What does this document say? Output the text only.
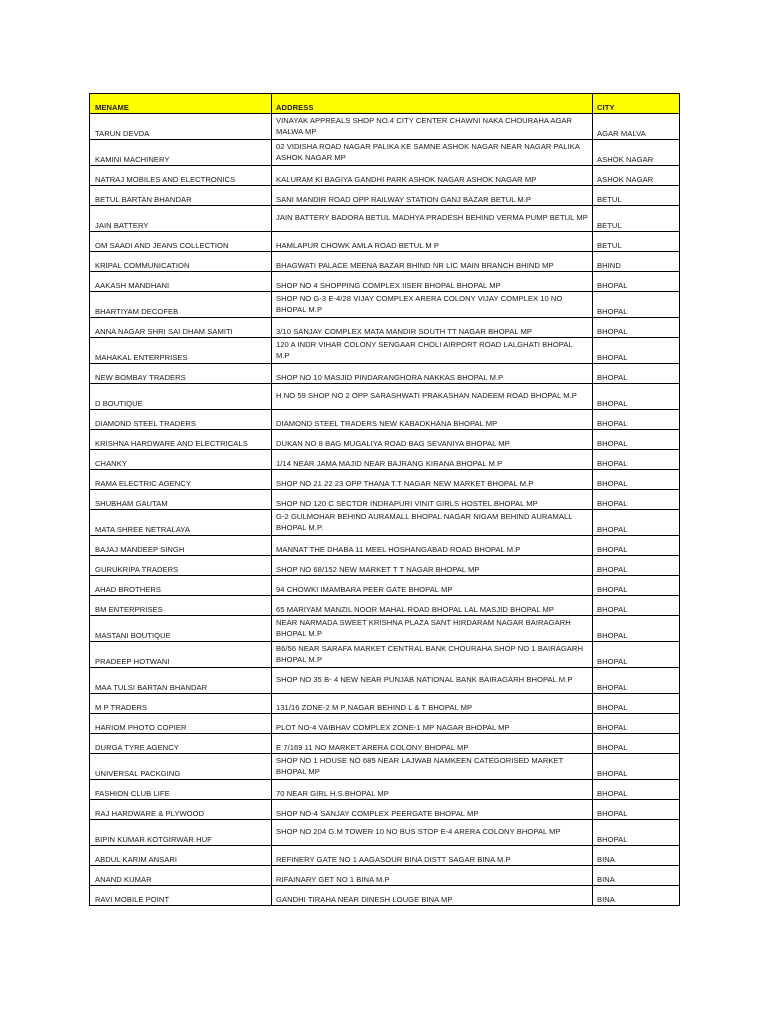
MENAME	ADDRESS	CITY
TARUN DEVDA	VINAYAK APPREALS SHOP NO.4 CITY CENTER CHAWNI NAKA CHOURAHA AGAR MALWA MP	AGAR MALVA
KAMINI MACHINERY	02 VIDISHA ROAD NAGAR PALIKA KE SAMNE ASHOK NAGAR NEAR NAGAR PALIKA ASHOK NAGAR MP	ASHOK NAGAR
NATRAJ MOBILES AND ELECTRONICS	KALURAM KI BAGIYA GANDHI PARK ASHOK NAGAR ASHOK NAGAR MP	ASHOK NAGAR
BETUL BARTAN BHANDAR	SANI MANDIR ROAD OPP RAILWAY STATION GANJ BAZAR BETUL M.P	BETUL
JAIN BATTERY	JAIN BATTERY BADORA BETUL MADHYA PRADESH BEHIND VERMA PUMP BETUL MP	BETUL
OM SAADI AND JEANS COLLECTION	HAMLAPUR CHOWK AMLA ROAD BETUL M P	BETUL
KRIPAL COMMUNICATION	BHAGWATI PALACE MEENA BAZAR BHIND NR LIC MAIN BRANCH BHIND MP	BHIND
AAKASH MANDHANI	SHOP NO 4 SHOPPING COMPLEX IISER BHOPAL BHOPAL MP	BHOPAL
BHARTIYAM DECOFEB	SHOP NO G-3 E-4/28 VIJAY COMPLEX ARERA COLONY VIJAY COMPLEX 10 NO BHOPAL M.P	BHOPAL
ANNA NAGAR SHRI SAI DHAM SAMITI	3/10 SANJAY COMPLEX MATA MANDIR SOUTH TT NAGAR BHOPAL MP	BHOPAL
MAHAKAL ENTERPRISES	120 A INDR VIHAR COLONY SENGAAR CHOLI AIRPORT ROAD LALGHATI BHOPAL M.P	BHOPAL
NEW BOMBAY TRADERS	SHOP NO 10 MASJID PINDARANGHORA NAKKAS BHOPAL M.P	BHOPAL
D BOUTIQUE	H NO 59 SHOP NO 2 OPP SARASHWATI PRAKASHAN NADEEM ROAD BHOPAL M.P	BHOPAL
DIAMOND STEEL TRADERS	DIAMOND STEEL TRADERS NEW KABADKHANA BHOPAL MP	BHOPAL
KRISHNA HARDWARE AND ELECTRICALS	DUKAN NO 8 BAG MUGALIYA ROAD BAG SEVANIYA BHOPAL MP	BHOPAL
CHANKY	1/14 NEAR JAMA MAJID NEAR BAJRANG KIRANA BHOPAL M.P	BHOPAL
RAMA ELECTRIC AGENCY	SHOP NO 21 22 23 OPP THANA T.T NAGAR NEW MARKET BHOPAL M.P	BHOPAL
SHUBHAM GAUTAM	SHOP NO 120 C SECTOR INDRAPURI VINIT GIRLS HOSTEL BHOPAL MP	BHOPAL
MATA SHREE NETRALAYA	G-2 GULMOHAR BEHIND AURAMALL BHOPAL NAGAR NIGAM BEHIND AURAMALL BHOPAL M.P.	BHOPAL
BAJAJ MANDEEP SINGH	MANNAT THE DHABA 11 MEEL HOSHANGABAD ROAD BHOPAL M.P	BHOPAL
GURUKRIPA TRADERS	SHOP NO 68/152 NEW MARKET T T NAGAR BHOPAL MP	BHOPAL
AHAD BROTHERS	94 CHOWKI IMAMBARA PEER GATE BHOPAL MP	BHOPAL
BM ENTERPRISES	65 MARIYAM MANZIL NOOR MAHAL ROAD BHOPAL LAL MASJID BHOPAL MP	BHOPAL
MASTANI BOUTIQUE	NEAR NARMADA SWEET KRISHNA PLAZA SANT HIRDARAM NAGAR BAIRAGARH BHOPAL M.P	BHOPAL
PRADEEP HOTWANI	B6/56 NEAR SARAFA MARKET CENTRAL BANK CHOURAHA SHOP NO 1 BAIRAGARH BHOPAL M.P	BHOPAL
MAA TULSI BARTAN BHANDAR	SHOP NO 35 B- 4 NEW NEAR PUNJAB NATIONAL BANK BAIRAGARH BHOPAL M.P	BHOPAL
M P TRADERS	131/16 ZONE-2 M P NAGAR BEHIND L & T BHOPAL MP	BHOPAL
HARIOM PHOTO COPIER	PLOT NO-4 VAIBHAV COMPLEX ZONE-1 MP NAGAR BHOPAL MP	BHOPAL
DURGA TYRE AGENCY	E 7/169 11 NO MARKET ARERA COLONY BHOPAL MP	BHOPAL
UNIVERSAL PACKGING	SHOP NO 1 HOUSE NO 685 NEAR LAJWAB NAMKEEN CATEGORISED MARKET BHOPAL MP	BHOPAL
FASHION CLUB LIFE	70 NEAR GIRL H.S.BHOPAL MP	BHOPAL
RAJ HARDWARE & PLYWOOD	SHOP NO-4 SANJAY COMPLEX PEERGATE BHOPAL MP	BHOPAL
BIPIN KUMAR KOTGIRWAR HUF	SHOP NO 204 G.M TOWER 10 NO BUS STOP E-4 ARERA COLONY BHOPAL MP	BHOPAL
ABDUL KARIM ANSARI	REFINERY GATE NO 1 AAGASOUR BINA DISTT SAGAR BINA M.P	BINA
ANAND KUMAR	RIFAINARY GET NO 1 BINA M.P	BINA
RAVI MOBILE POINT	GANDHI TIRAHA NEAR DINESH LOUGE BINA MP	BINA
